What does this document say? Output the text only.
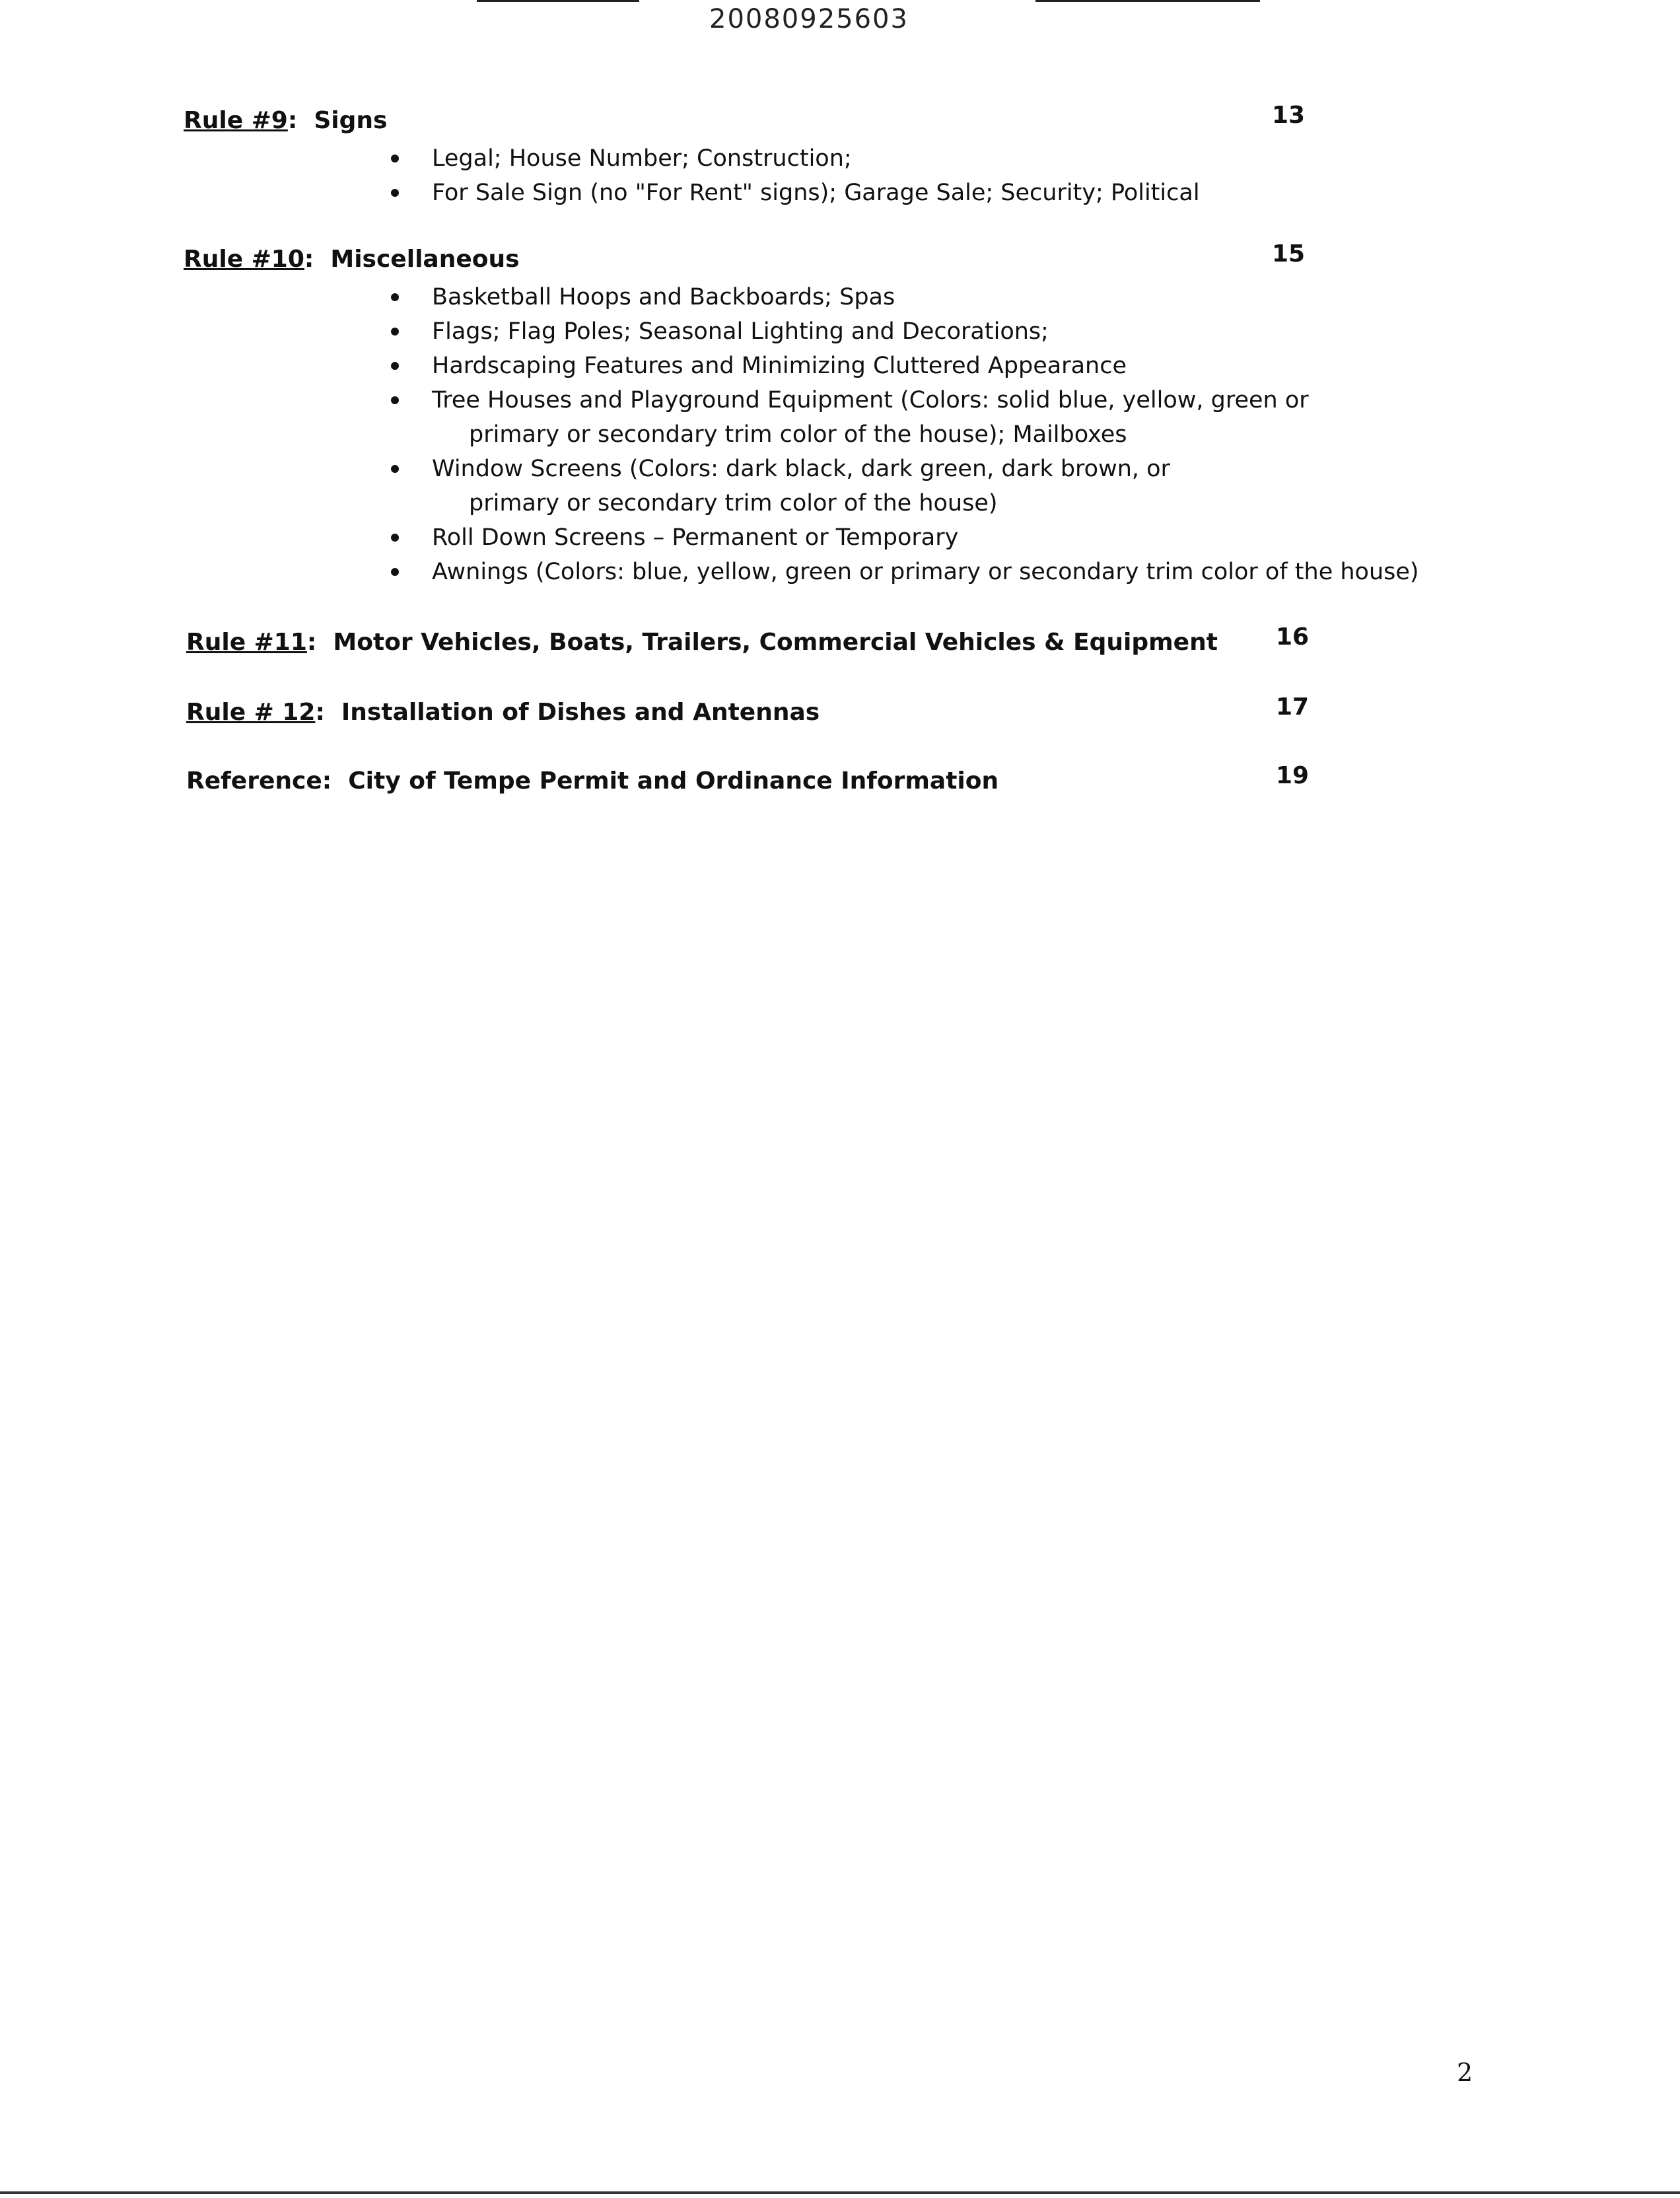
20080925603
Rule #9:  Signs	13
Legal; House Number; Construction;
For Sale Sign (no "For Rent" signs); Garage Sale; Security; Political
Rule #10:  Miscellaneous	15
Basketball Hoops and Backboards; Spas
Flags; Flag Poles; Seasonal Lighting and Decorations;
Hardscaping Features and Minimizing Cluttered Appearance
Tree Houses and Playground Equipment (Colors: solid blue, yellow, green or
primary or secondary trim color of the house); Mailboxes
Window Screens (Colors: dark black, dark green, dark brown, or
primary or secondary trim color of the house)
Roll Down Screens – Permanent or Temporary
Awnings (Colors: blue, yellow, green or primary or secondary trim color of the house)
Rule #11:  Motor Vehicles, Boats, Trailers, Commercial Vehicles & Equipment 16
Rule # 12:  Installation of Dishes and Antennas	17
Reference: City of Tempe Permit and Ordinance Information	19
2
